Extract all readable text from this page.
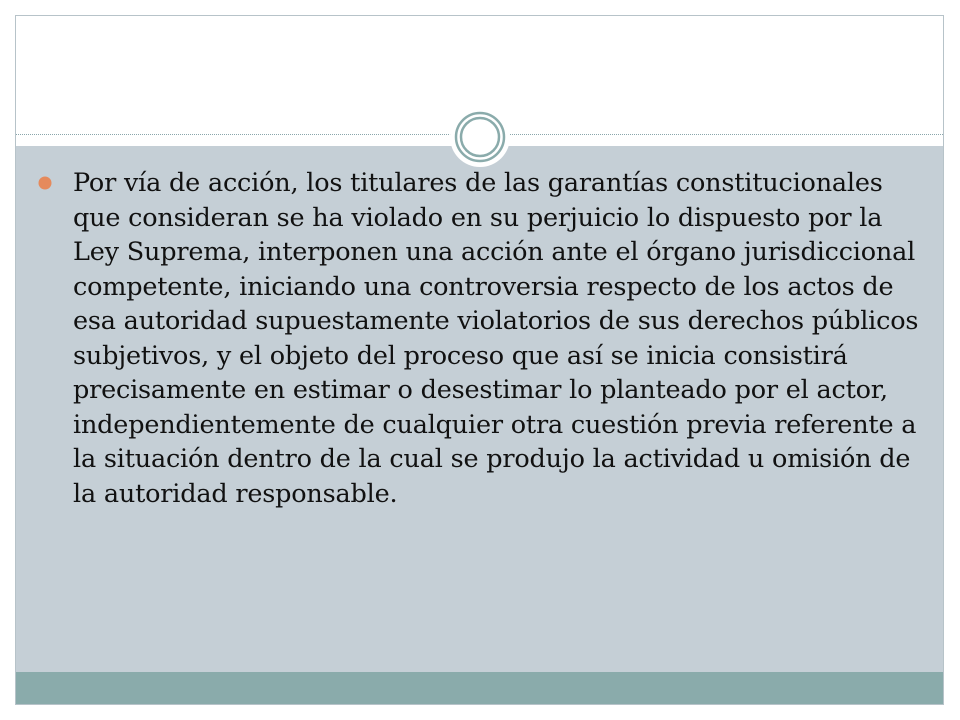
Por vía de acción, los titulares de las garantías constitucionales que consideran se ha violado en su perjuicio lo dispuesto por la Ley Suprema, interponen una acción ante el órgano jurisdiccional competente, iniciando una controversia respecto de los actos de esa autoridad supuestamente violatorios de sus derechos públicos subjetivos, y el objeto del proceso que así se inicia consistirá precisamente en estimar o desestimar lo planteado por el actor, independientemente de cualquier otra cuestión previa referente a la situación dentro de la cual se produjo la actividad u omisión de la autoridad responsable.
